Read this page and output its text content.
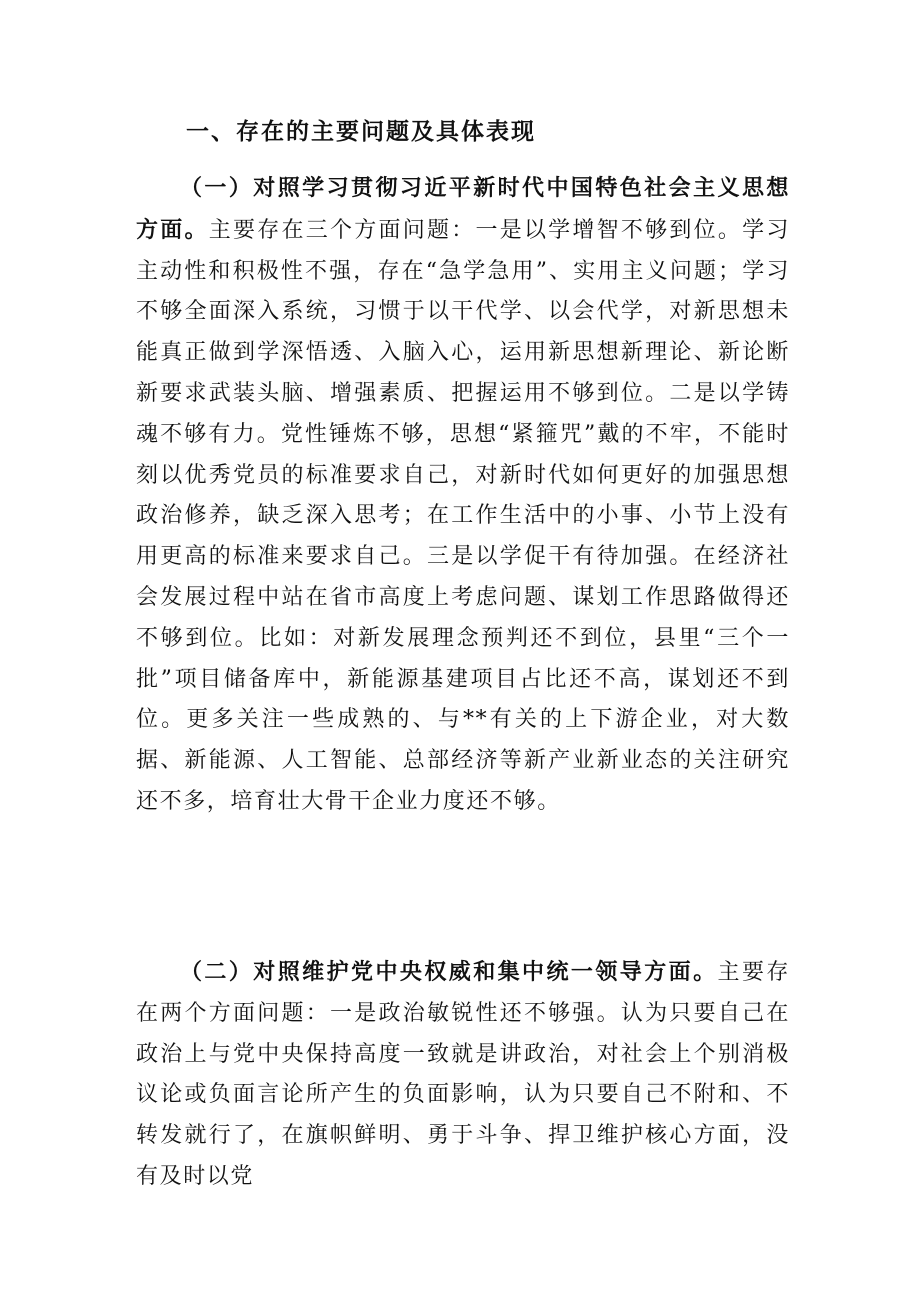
一、存在的主要问题及具体表现

（一）对照学习贯彻习近平新时代中国特色社会主义思想方面。主要存在三个方面问题：一是以学增智不够到位。学习主动性和积极性不强，存在“急学急用”、实用主义问题；学习不够全面深入系统，习惯于以干代学、以会代学，对新思想未能真正做到学深悟透、入脑入心，运用新思想新理论、新论断新要求武装头脑、增强素质、把握运用不够到位。二是以学铸魂不够有力。党性锤炼不够，思想“紧箍咒”戴的不牢，不能时刻以优秀党员的标准要求自己，对新时代如何更好的加强思想政治修养，缺乏深入思考；在工作生活中的小事、小节上没有用更高的标准来要求自己。三是以学促干有待加强。在经济社会发展过程中站在省市高度上考虑问题、谋划工作思路做得还不够到位。比如：对新发展理念预判还不到位，县里“三个一批”项目储备库中，新能源基建项目占比还不高，谋划还不到位。更多关注一些成熟的、与**有关的上下游企业，对大数据、新能源、人工智能、总部经济等新产业新业态的关注研究还不多，培育壮大骨干企业力度还不够。

（二）对照维护党中央权威和集中统一领导方面。主要存在两个方面问题：一是政治敏锐性还不够强。认为只要自己在政治上与党中央保持高度一致就是讲政治，对社会上个别消极议论或负面言论所产生的负面影响，认为只要自己不附和、不转发就行了，在旗帜鲜明、勇于斗争、捍卫维护核心方面，没有及时以党
